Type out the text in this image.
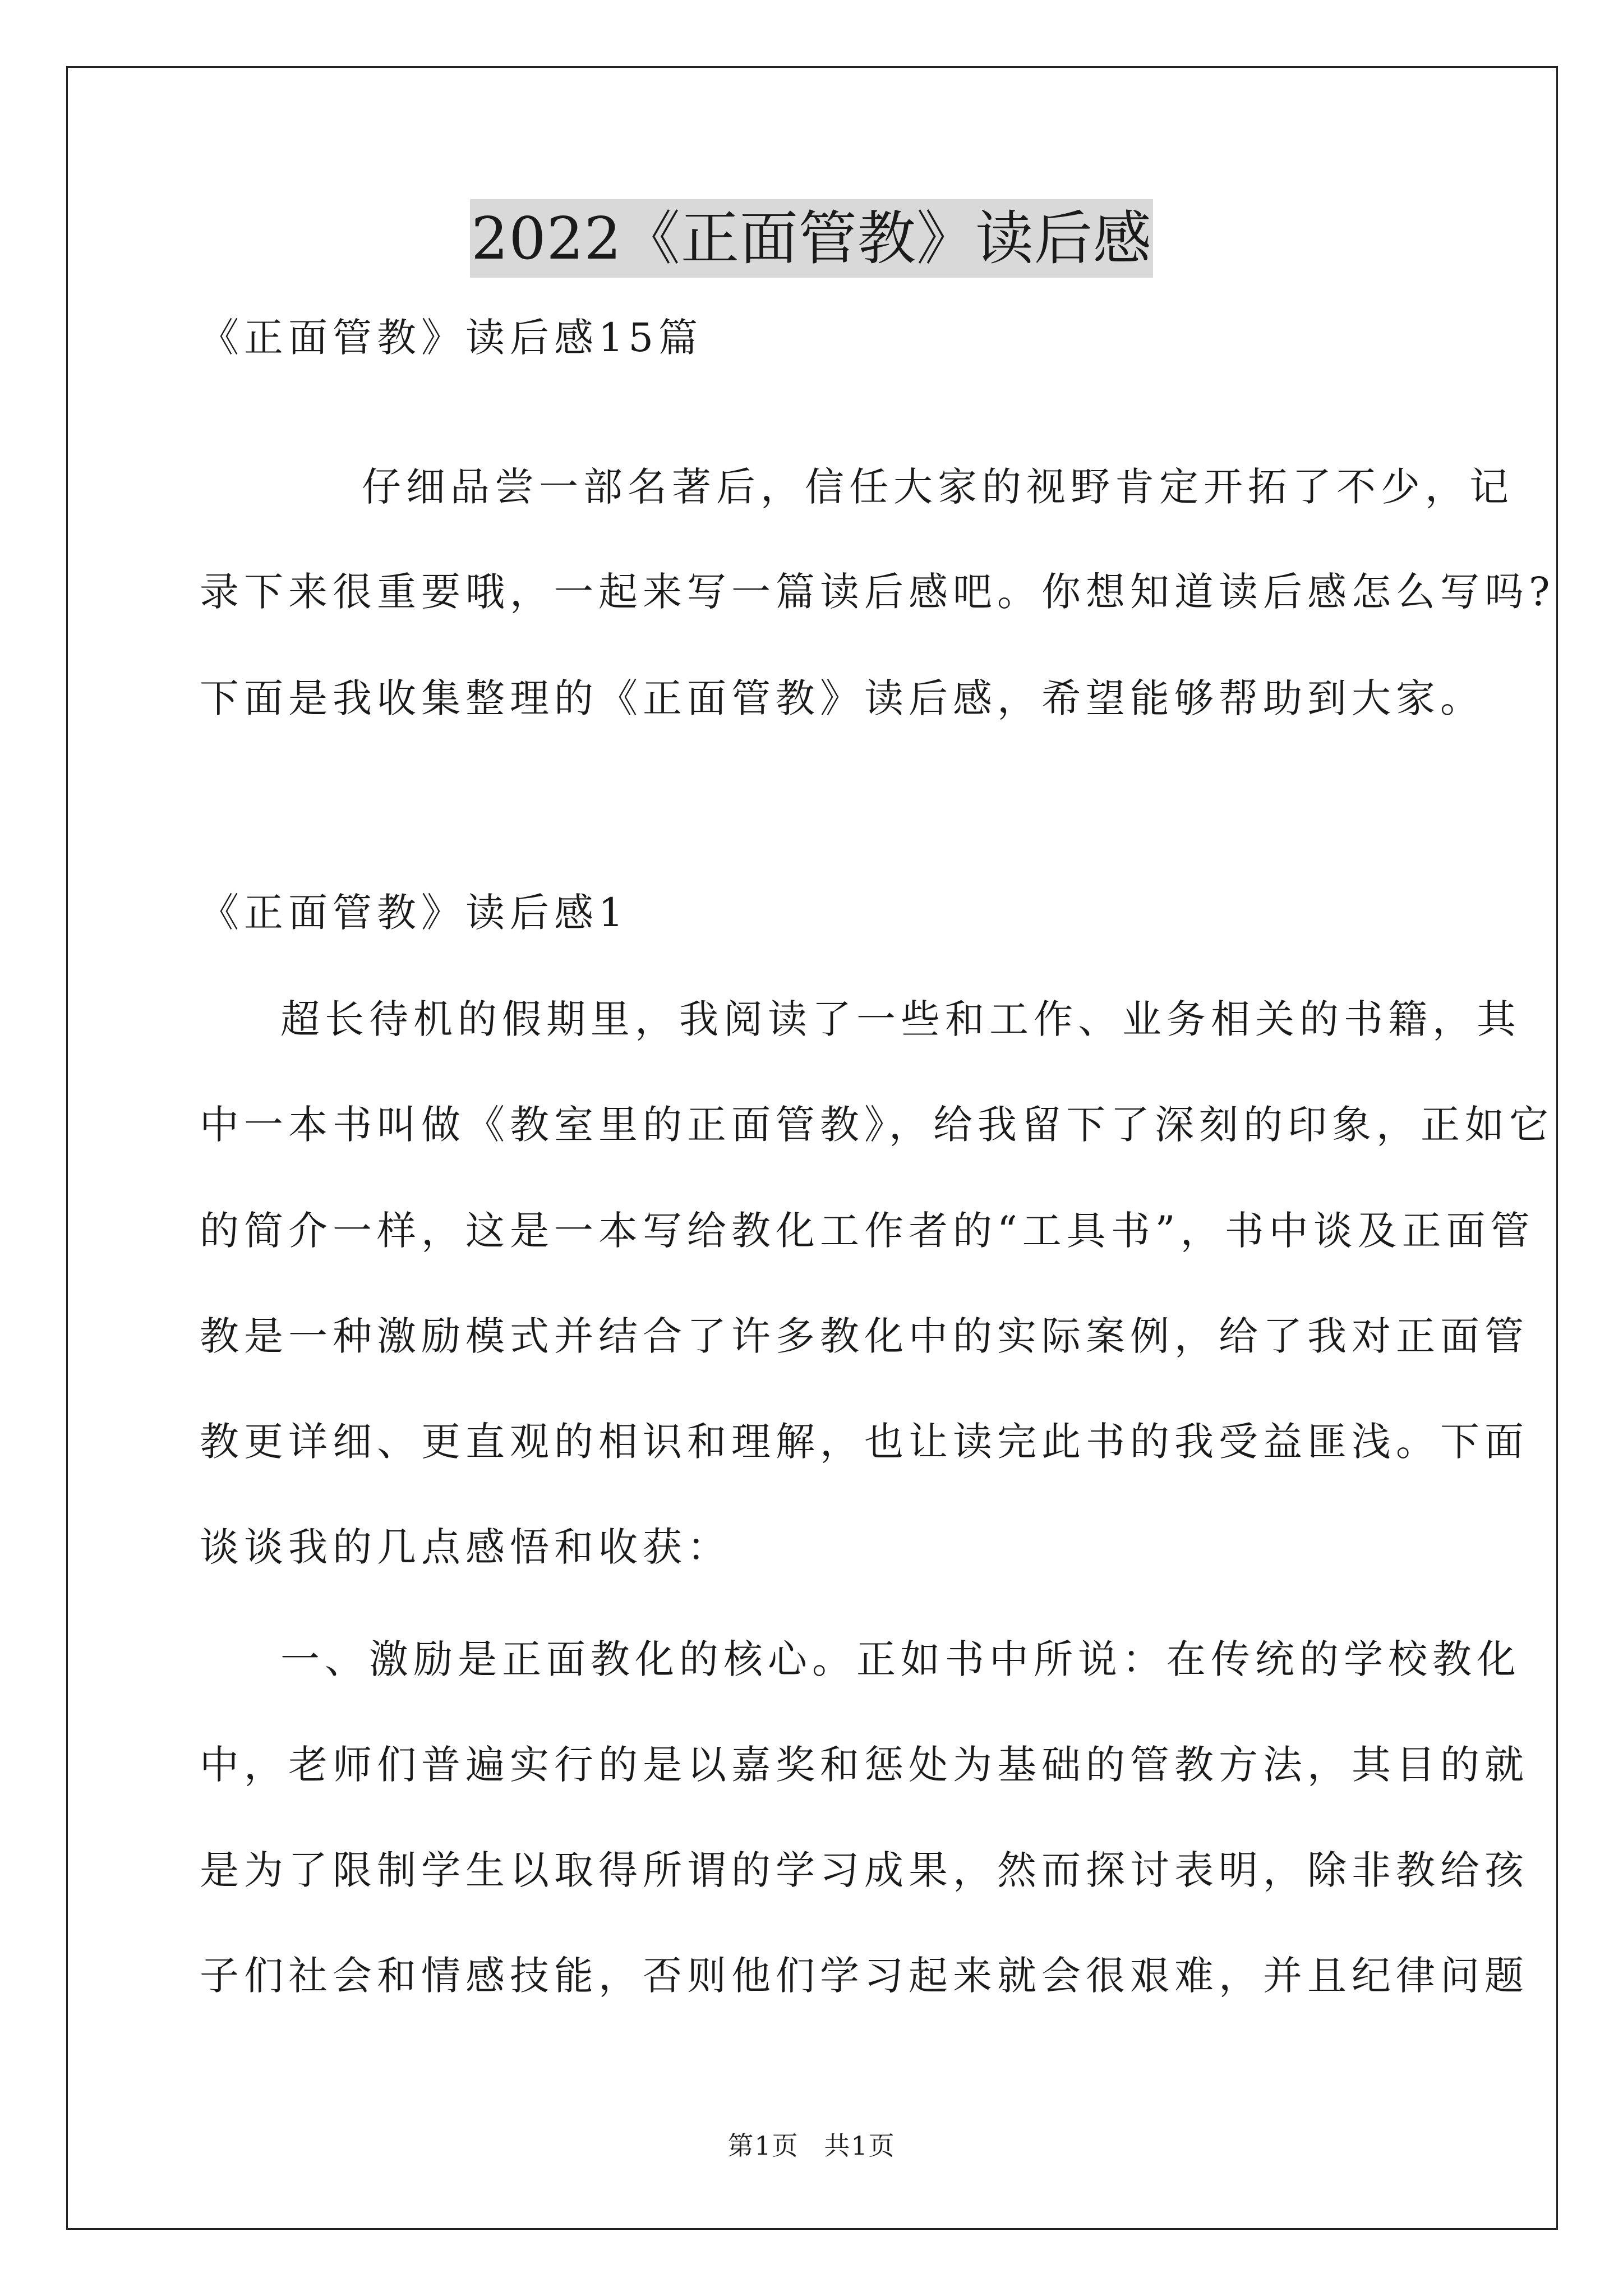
2022《正面管教》读后感
《正面管教》读后感15篇
仔细品尝一部名著后，信任大家的视野肯定开拓了不少，记
录下来很重要哦，一起来写一篇读后感吧。你想知道读后感怎么写吗?
下面是我收集整理的《正面管教》读后感，希望能够帮助到大家。
《正面管教》读后感1
超长待机的假期里，我阅读了一些和工作、业务相关的书籍，其
中一本书叫做《教室里的正面管教》，给我留下了深刻的印象，正如它
的简介一样，这是一本写给教化工作者的“工具书”，书中谈及正面管
教是一种激励模式并结合了许多教化中的实际案例，给了我对正面管
教更详细、更直观的相识和理解，也让读完此书的我受益匪浅。下面
谈谈我的几点感悟和收获：
一、激励是正面教化的核心。正如书中所说：在传统的学校教化
中，老师们普遍实行的是以嘉奖和惩处为基础的管教方法，其目的就
是为了限制学生以取得所谓的学习成果，然而探讨表明，除非教给孩
子们社会和情感技能，否则他们学习起来就会很艰难，并且纪律问题
第1页 共1页
